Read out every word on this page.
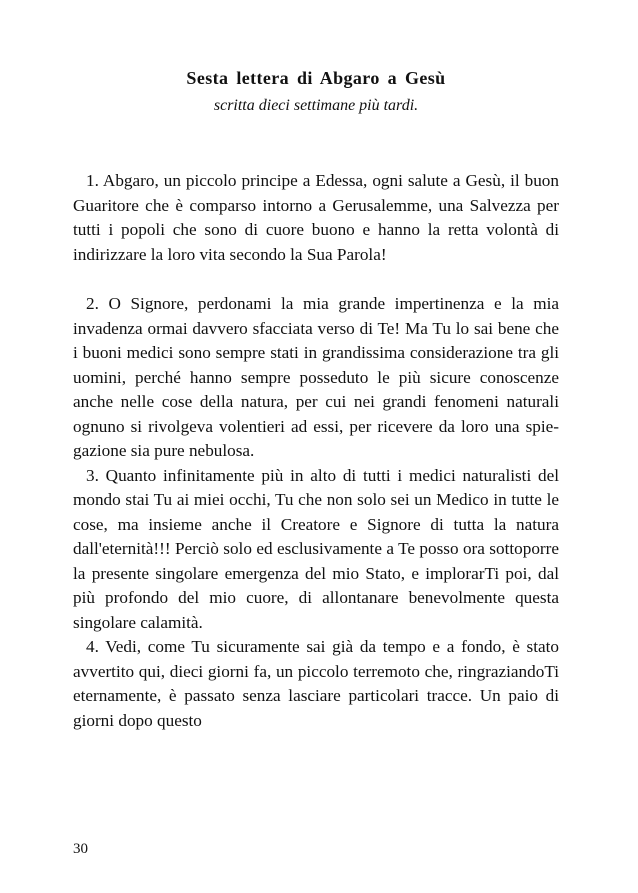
Sesta lettera di Abgaro a Gesù

scritta dieci settimane più tardi.

1. Abgaro, un piccolo principe a Edessa, ogni salute a Gesù, il buon Guaritore che è comparso intorno a Gerusalemme, una Salvezza per tutti i popoli che sono di cuore buono e hanno la retta volontà di indirizzare la loro vita secondo la Sua Parola!

2. O Signore, perdonami la mia grande impertinenza e la mia invadenza ormai davvero sfacciata verso di Te! Ma Tu lo sai bene che i buoni medici sono sempre stati in grandissima considerazione tra gli uomini, perché hanno sempre posseduto le più sicure conoscenze anche nelle cose della natura, per cui nei grandi fenomeni naturali ognuno si rivolgeva volentieri ad essi, per ricevere da loro una spiegazione sia pure nebulosa.

3. Quanto infinitamente più in alto di tutti i medici naturalisti del mondo stai Tu ai miei occhi, Tu che non solo sei un Medico in tutte le cose, ma insieme anche il Creatore e Signore di tutta la natura dall'eternità!!! Perciò solo ed esclusivamente a Te posso ora sottoporre la presente singolare emergenza del mio Stato, e implorarTi poi, dal più profondo del mio cuore, di allontanare benevolmente questa singolare calamità.

4. Vedi, come Tu sicuramente sai già da tempo e a fondo, è stato avvertito qui, dieci giorni fa, un piccolo terremoto che, ringraziandoTi eternamente, è passato senza lasciare particolari tracce. Un paio di giorni dopo questo

30
